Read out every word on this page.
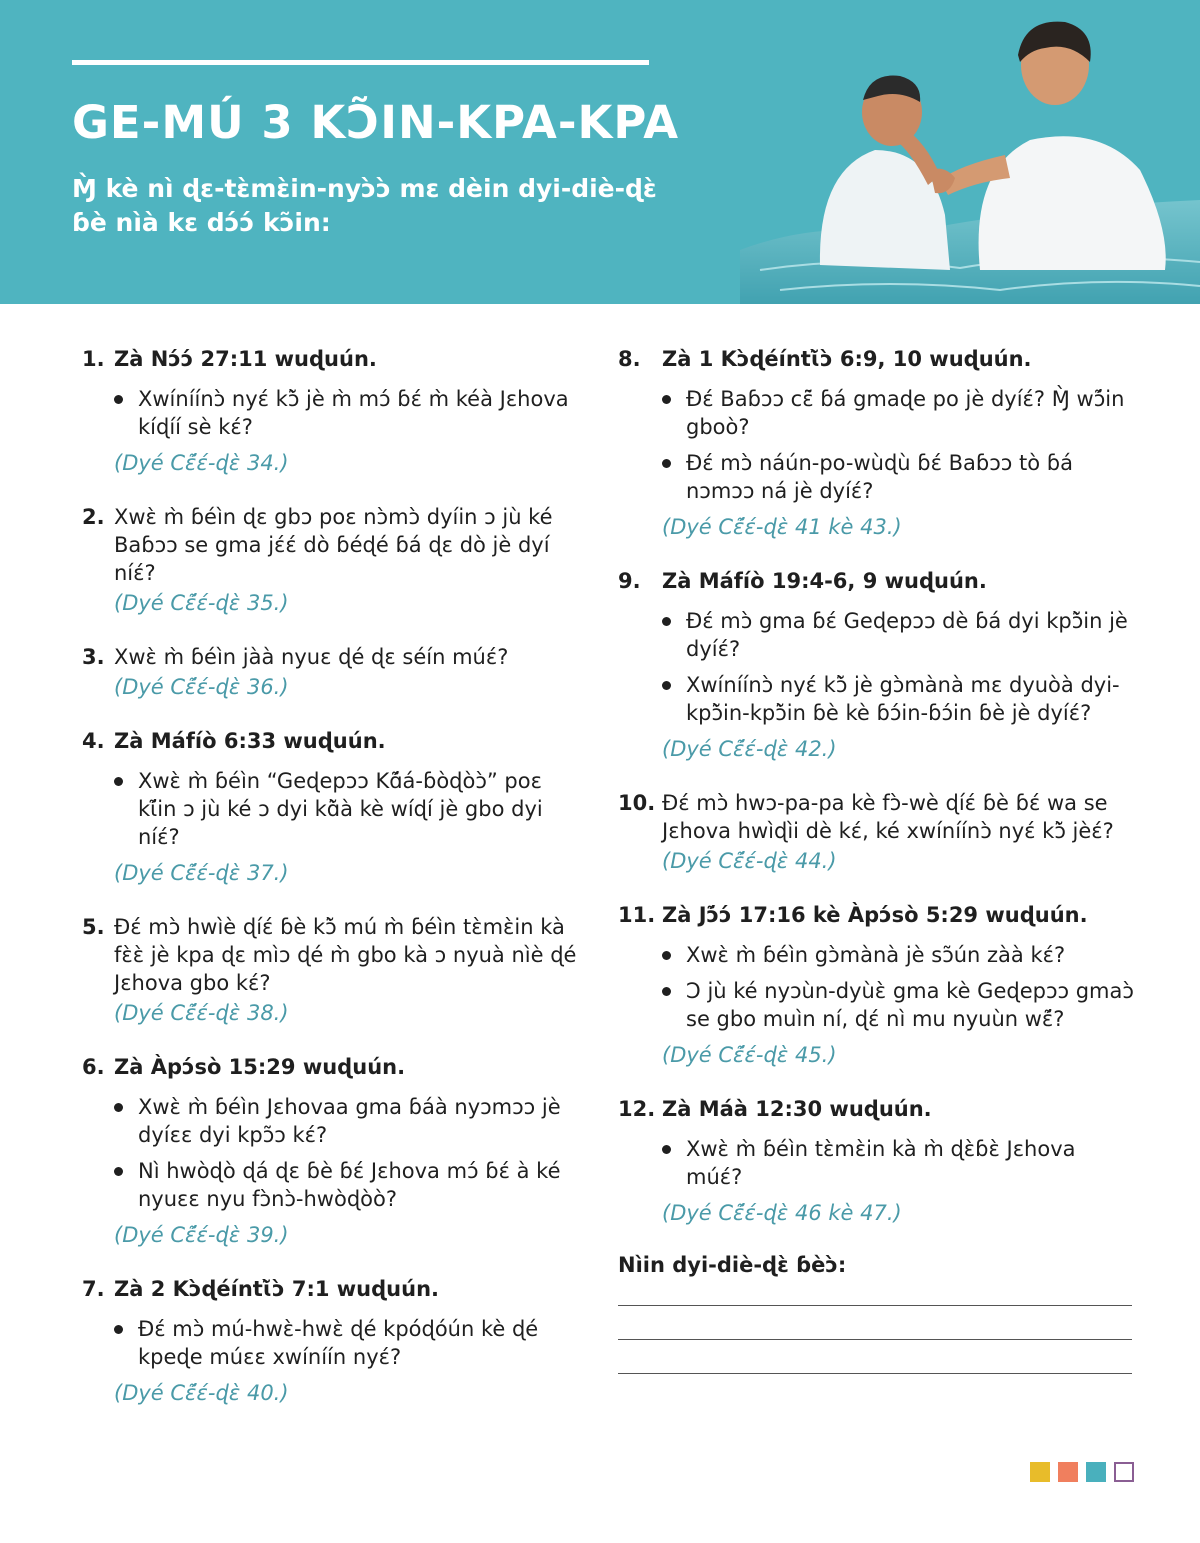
GE-MÚ 3 KƆ̃IN-KPA-KPA
Ɱ̀ kè nì ɖɛ-tɛ̀mɛ̀in-nyɔ̀ɔ̀ mɛ dèin dyi-diè-ɖɛ̀
ɓè nìà kɛ dɔ́ɔ́ kɔ̃in:
1. Zà Nɔ́ɔ́ 27:11 wuɖuún.
Xwíníínɔ̀ nyɛ́ kɔ̃̀ jè m̀ mɔ́ ɓɛ́ m̀ kéà Jɛhova kíɖíí sè kɛ́?
(Dyé Cɛ̃́ɛ́-ɖɛ̀ 34.)
2. Xwɛ̀ m̀ ɓéìn ɖɛ gbɔ poɛ nɔ̀mɔ̀ dyíin ɔ jù ké Baɓɔɔ se gma jɛ́ɛ́ dò ɓéɖé ɓá ɖɛ dò jè dyí níɛ́?
(Dyé Cɛ̃́ɛ́-ɖɛ̀ 35.)
3. Xwɛ̀ m̀ ɓéìn jàà nyuɛ ɖé ɖɛ séín múɛ́?
(Dyé Cɛ̃́ɛ́-ɖɛ̀ 36.)
4. Zà Máfíò 6:33 wuɖuún.
Xwɛ̀ m̀ ɓéìn “Geɖepɔɔ Kɑ̃́á-ɓòɖòɔ̀” poɛ kɩ̃́in ɔ jù ké ɔ dyi kɑ̃̀à kè wíɖí jè gbo dyi níɛ́?
(Dyé Cɛ̃́ɛ́-ɖɛ̀ 37.)
5. Ɖɛ́ mɔ̀ hwìè ɖíɛ́ ɓè kɔ̃̀ mú m̀ ɓéìn tɛ̀mɛ̀in kà fɛ̀ɛ̀ jè kpa ɖɛ mìɔ ɖé m̀ gbo kà ɔ nyuà nìè ɖé Jɛhova gbo kɛ́?
(Dyé Cɛ̃́ɛ́-ɖɛ̀ 38.)
6. Zà Àpɔ́sò 15:29 wuɖuún.
Xwɛ̀ m̀ ɓéìn Jɛhovaa gma ɓáà nyɔmɔɔ jè dyíɛɛ dyi kpɔ̃ɔ kɛ́?
Nì hwòɖò ɖá ɖɛ ɓè ɓɛ́ Jɛhova mɔ́ ɓɛ́ à ké nyuɛɛ nyu fɔ̀nɔ̀-hwòɖòò?
(Dyé Cɛ̃́ɛ́-ɖɛ̀ 39.)
7. Zà 2 Kɔ̀ɖéíntɩ̃̀ɔ̀ 7:1 wuɖuún.
Ɖɛ́ mɔ̀ mú-hwɛ̀-hwɛ̀ ɖé kpóɖóún kè ɖé kpeɖe múɛɛ xwíníín nyɛ́?
(Dyé Cɛ̃́ɛ́-ɖɛ̀ 40.)
8.	Zà 1 Kɔ̀ɖéíntɩ̃̀ɔ̀ 6:9, 10 wuɖuún.
Ɖɛ́ Baɓɔɔ cɛ̃̄ ɓá gmaɖe po jè dyíɛ́? Ɱ̀ wɔ̃́in gboò?
Ɖɛ́ mɔ̀ náún-po-wùɖù ɓɛ́ Baɓɔɔ tò ɓá nɔmɔɔ ná jè dyíɛ́?
(Dyé Cɛ̃́ɛ́-ɖɛ̀ 41 kè 43.)
9.	Zà Máfíò 19:4-6, 9 wuɖuún.
Ɖɛ́ mɔ̀ gma ɓɛ́ Geɖepɔɔ dè ɓá dyi kpɔ̃̀in jè dyíɛ́?
Xwíníínɔ̀ nyɛ́ kɔ̃̀ jè gɔ̀mànà mɛ dyuòà dyi-kpɔ̃̀in-kpɔ̃̀in ɓè kè ɓɔ́in-ɓɔ́in ɓè jè dyíɛ́?
(Dyé Cɛ̃́ɛ́-ɖɛ̀ 42.)
10. Ɖɛ́ mɔ̀ hwɔ-pa-pa kè fɔ̀-wè ɖíɛ́ ɓè ɓɛ́ wa se Jɛhova hwìɖìi dè kɛ́, ké xwíníínɔ̀ nyɛ́ kɔ̃̀ jèɛ́?
(Dyé Cɛ̃́ɛ́-ɖɛ̀ 44.)
11. Zà Jɔ̃́ɔ́ 17:16 kè Àpɔ́sò 5:29 wuɖuún.
Xwɛ̀ m̀ ɓéìn gɔ̀mànà jè sɔ̃ún zàà kɛ́?
Ɔ jù ké nyɔùn-dyùɛ̀ gma kè Geɖepɔɔ gmaɔ̀ se gbo muìn ní, ɖɛ́ nì mu nyuùn wɛ̃́?
(Dyé Cɛ̃́ɛ́-ɖɛ̀ 45.)
12. Zà Máà 12:30 wuɖuún.
Xwɛ̀ m̀ ɓéìn tɛ̀mɛ̀in kà m̀ ɖɛ̀ɓɛ̀ Jɛhova múɛ́?
(Dyé Cɛ̃́ɛ́-ɖɛ̀ 46 kè 47.)
Nìin dyi-diè-ɖɛ̀ ɓèɔ̀:
